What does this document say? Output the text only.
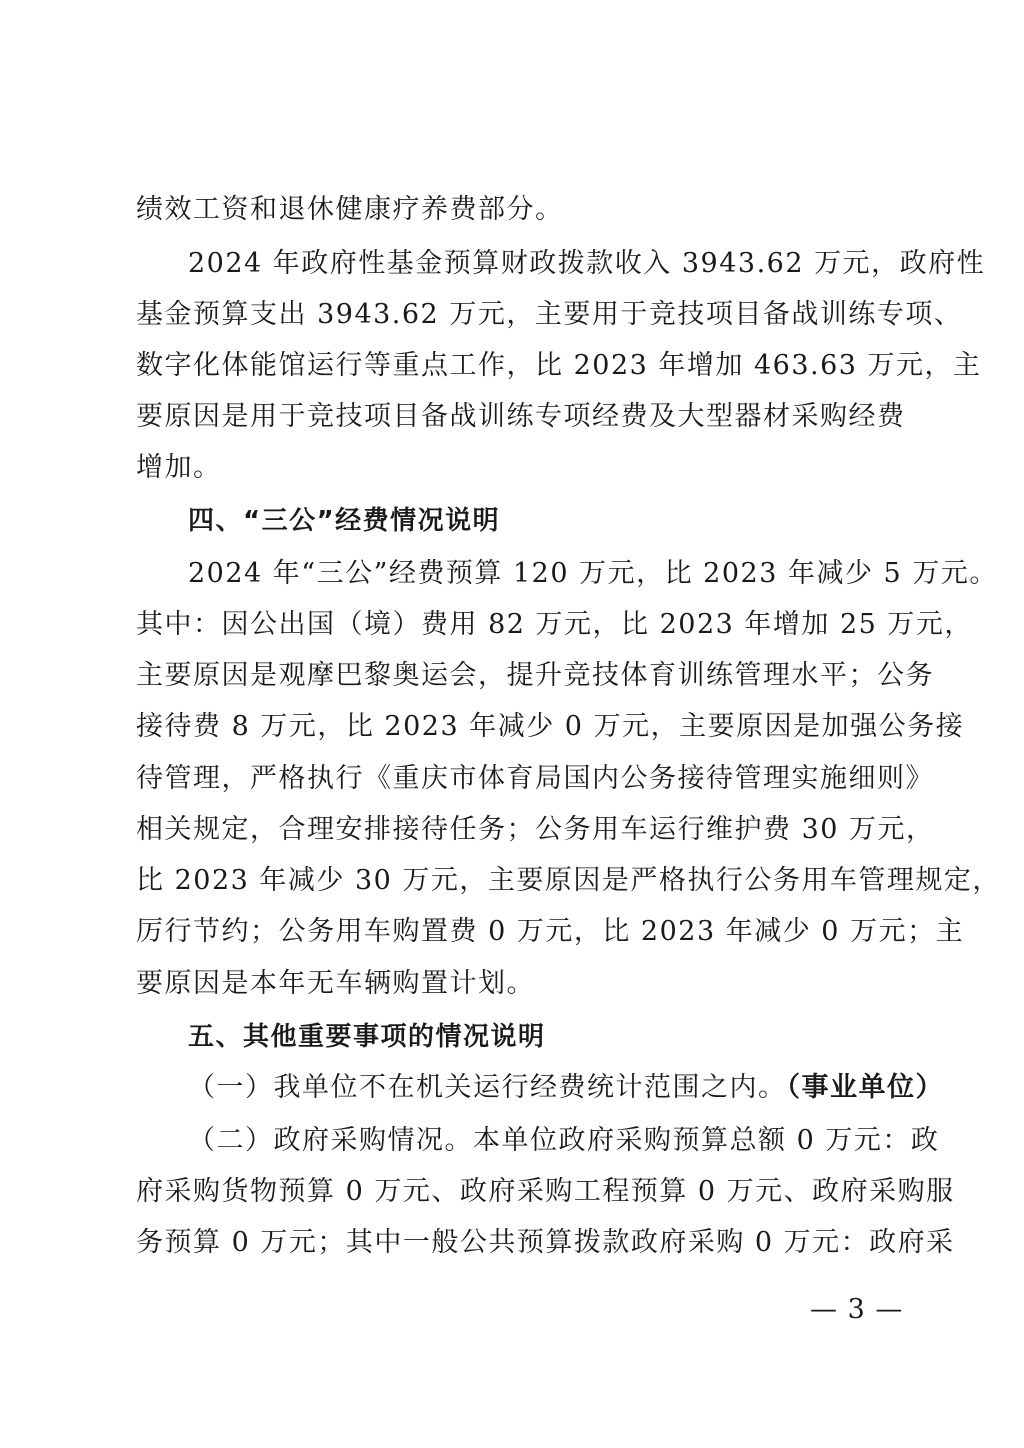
绩效工资和退休健康疗养费部分。
2024 年政府性基金预算财政拨款收入 3943.62 万元，政府性
基金预算支出 3943.62 万元，主要用于竞技项目备战训练专项、
数字化体能馆运行等重点工作，比 2023 年增加 463.63 万元，主
要原因是用于竞技项目备战训练专项经费及大型器材采购经费
增加。
四、“三公”经费情况说明
2024 年“三公”经费预算 120 万元，比 2023 年减少 5 万元。
其中：因公出国（境）费用 82 万元，比 2023 年增加 25 万元，
主要原因是观摩巴黎奥运会，提升竞技体育训练管理水平；公务
接待费 8 万元，比 2023 年减少 0 万元，主要原因是加强公务接
待管理，严格执行《重庆市体育局国内公务接待管理实施细则》
相关规定，合理安排接待任务；公务用车运行维护费 30 万元，
比 2023 年减少 30 万元，主要原因是严格执行公务用车管理规定，
厉行节约；公务用车购置费 0 万元，比 2023 年减少 0 万元；主
要原因是本年无车辆购置计划。
五、其他重要事项的情况说明
（一）我单位不在机关运行经费统计范围之内。（事业单位）
（二）政府采购情况。本单位政府采购预算总额 0 万元：政
府采购货物预算 0 万元、政府采购工程预算 0 万元、政府采购服
务预算 0 万元；其中一般公共预算拨款政府采购 0 万元：政府采
— 3 —
